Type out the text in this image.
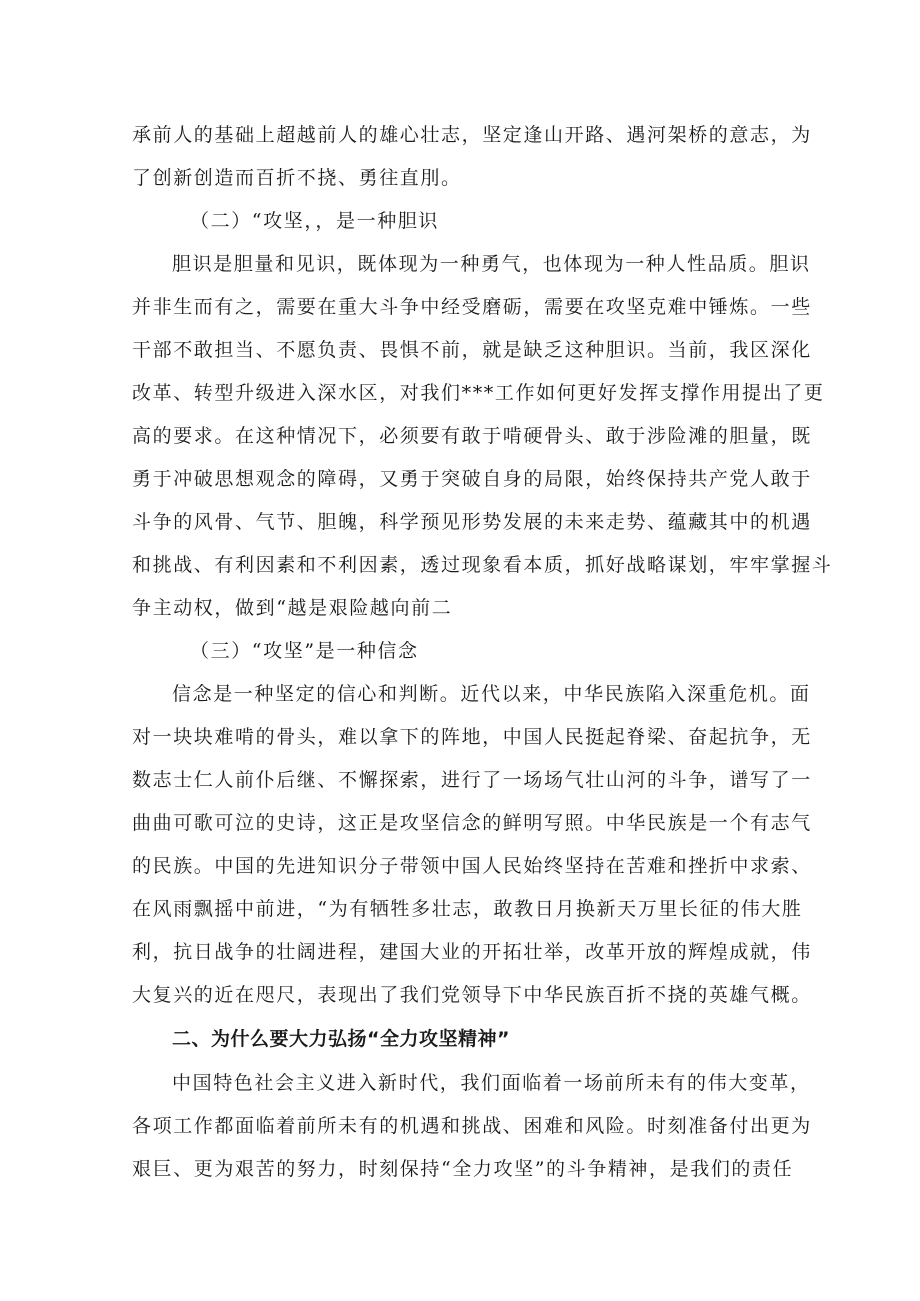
承前人的基础上超越前人的雄心壮志，坚定逢山开路、遇河架桥的意志，为
了创新创造而百折不挠、勇往直刖。
（二）“攻坚，，是一种胆识
胆识是胆量和见识，既体现为一种勇气，也体现为一种人性品质。胆识
并非生而有之，需要在重大斗争中经受磨砺，需要在攻坚克难中锤炼。一些
干部不敢担当、不愿负责、畏惧不前，就是缺乏这种胆识。当前，我区深化
改革、转型升级进入深水区，对我们***工作如何更好发挥支撑作用提出了更
高的要求。在这种情况下，必须要有敢于啃硬骨头、敢于涉险滩的胆量，既
勇于冲破思想观念的障碍，又勇于突破自身的局限，始终保持共产党人敢于
斗争的风骨、气节、胆魄，科学预见形势发展的未来走势、蕴藏其中的机遇
和挑战、有利因素和不利因素，透过现象看本质，抓好战略谋划，牢牢掌握斗
争主动权，做到“越是艰险越向前二
（三）“攻坚”是一种信念
信念是一种坚定的信心和判断。近代以来，中华民族陷入深重危机。面
对一块块难啃的骨头，难以拿下的阵地，中国人民挺起脊梁、奋起抗争，无
数志士仁人前仆后继、不懈探索，进行了一场场气壮山河的斗争，谱写了一
曲曲可歌可泣的史诗，这正是攻坚信念的鲜明写照。中华民族是一个有志气
的民族。中国的先进知识分子带领中国人民始终坚持在苦难和挫折中求索、
在风雨飘摇中前进，“为有牺牲多壮志，敢教日月换新天万里长征的伟大胜
利，抗日战争的壮阔进程，建国大业的开拓壮举，改革开放的辉煌成就，伟
大复兴的近在咫尺，表现出了我们党领导下中华民族百折不挠的英雄气概。
二、为什么要大力弘扬“全力攻坚精神”
中国特色社会主义进入新时代，我们面临着一场前所未有的伟大变革，
各项工作都面临着前所未有的机遇和挑战、困难和风险。时刻准备付出更为
艰巨、更为艰苦的努力，时刻保持“全力攻坚”的斗争精神，是我们的责任
